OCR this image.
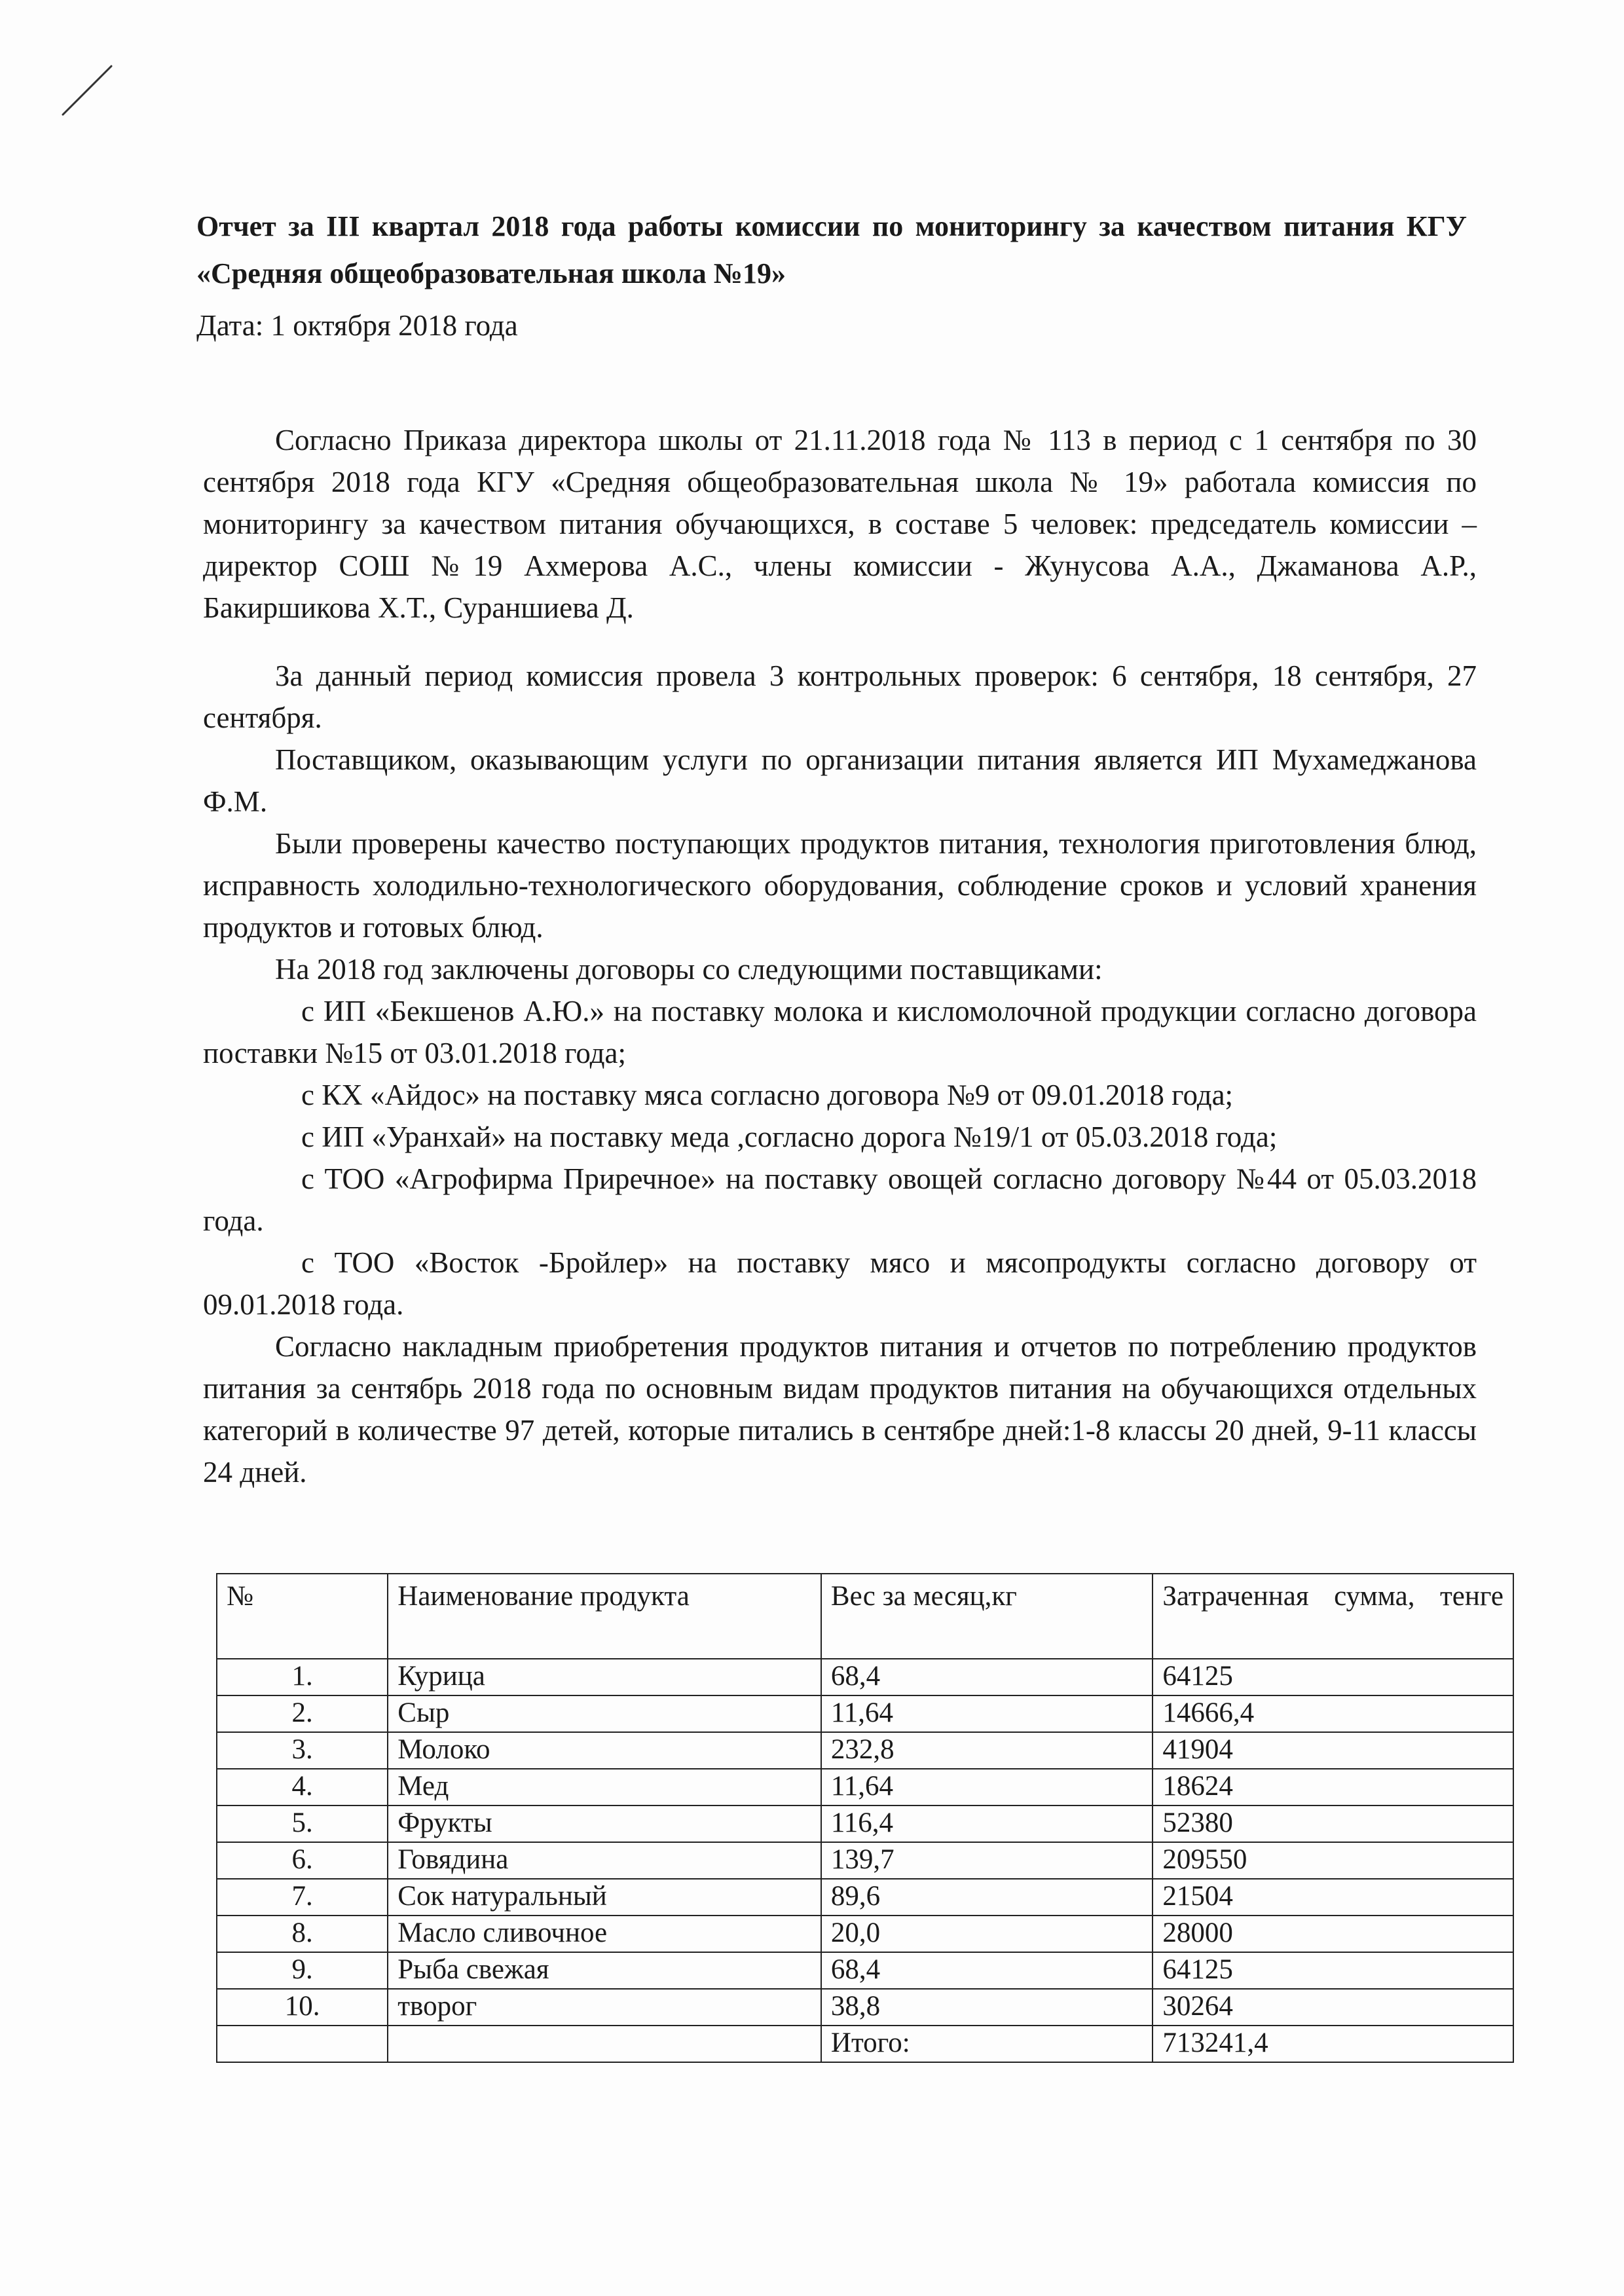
Отчет за III квартал 2018 года работы комиссии по мониторингу за качеством питания КГУ «Средняя общеобразовательная школа №19»
Дата: 1 октября 2018 года

Согласно Приказа директора школы от 21.11.2018 года № 113 в период с 1 сентября по 30 сентября 2018 года КГУ «Средняя общеобразовательная школа № 19» работала комиссия по мониторингу за качеством питания обучающихся, в составе 5 человек: председатель комиссии – директор СОШ №19 Ахмерова А.С., члены комиссии - Жунусова А.А., Джаманова А.Р., Бакиршикова Х.Т., Сураншиева Д.

За данный период комиссия провела 3 контрольных проверок: 6 сентября, 18 сентября, 27 сентября.

Поставщиком, оказывающим услуги по организации питания является ИП Мухамеджанова Ф.М.

Были проверены качество поступающих продуктов питания, технология приготовления блюд, исправность холодильно-технологического оборудования, соблюдение сроков и условий хранения продуктов и готовых блюд.

На 2018 год заключены договоры со следующими поставщиками:

с ИП «Бекшенов А.Ю.» на поставку молока и кисломолочной продукции согласно договора поставки №15 от 03.01.2018 года;

с КХ «Айдос» на поставку мяса согласно договора №9 от 09.01.2018 года;

с ИП «Уранхай» на поставку меда ,согласно дорога №19/1 от 05.03.2018 года;

с ТОО «Агрофирма Приречное» на поставку овощей согласно договору №44 от 05.03.2018 года.

с ТОО «Восток -Бройлер» на поставку мясо и мясопродукты согласно договору от 09.01.2018 года.

Согласно накладным приобретения продуктов питания и отчетов по потреблению продуктов питания за сентябрь 2018 года по основным видам продуктов питания на обучающихся отдельных категорий в количестве 97 детей, которые питались в сентябре дней:1-8 классы 20 дней, 9-11 классы 24 дней.

№	Наименование продукта	Вес за месяц,кг	Затраченная сумма, тенге

1.	Курица	68,4	64125
2.	Сыр	11,64	14666,4
3.	Молоко	232,8	41904
4.	Мед	11,64	18624
5.	Фрукты	116,4	52380
6.	Говядина	139,7	209550
7.	Сок натуральный	89,6	21504
8.	Масло сливочное	20,0	28000
9.	Рыба свежая	68,4	64125
10.	творог	38,8	30264
		Итого:	713241,4
